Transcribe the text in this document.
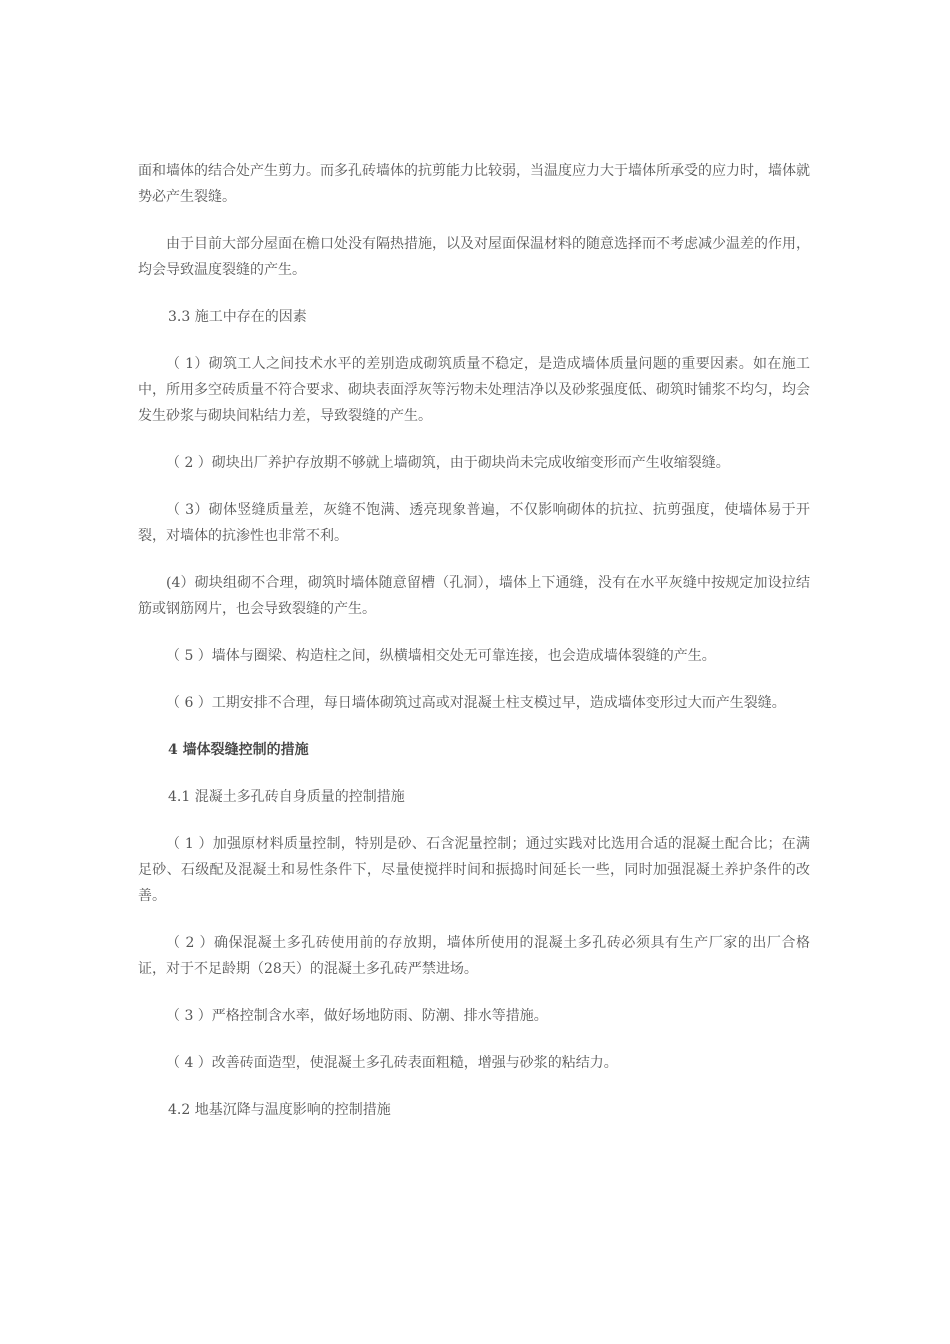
面和墙体的结合处产生剪力。而多孔砖墙体的抗剪能力比较弱，当温度应力大于墙体所承受的应力时，墙体就势必产生裂缝。

由于目前大部分屋面在檐口处没有隔热措施，以及对屋面保温材料的随意选择而不考虑减少温差的作用，均会导致温度裂缝的产生。

3.3 施工中存在的因素

（ 1）砌筑工人之间技术水平的差别造成砌筑质量不稳定，是造成墙体质量问题的重要因素。如在施工中，所用多空砖质量不符合要求、砌块表面浮灰等污物未处理洁净以及砂浆强度低、砌筑时铺浆不均匀，均会发生砂浆与砌块间粘结力差，导致裂缝的产生。

（ 2 ）砌块出厂养护存放期不够就上墙砌筑，由于砌块尚未完成收缩变形而产生收缩裂缝。

（ 3）砌体竖缝质量差，灰缝不饱满、透亮现象普遍，不仅影响砌体的抗拉、抗剪强度，使墙体易于开裂，对墙体的抗渗性也非常不利。

(4）砌块组砌不合理，砌筑时墙体随意留槽（孔洞），墙体上下通缝，没有在水平灰缝中按规定加设拉结筋或钢筋网片，也会导致裂缝的产生。

（ 5 ）墙体与圈梁、构造柱之间，纵横墙相交处无可靠连接，也会造成墙体裂缝的产生。

（ 6 ）工期安排不合理，每日墙体砌筑过高或对混凝土柱支模过早，造成墙体变形过大而产生裂缝。

4 墙体裂缝控制的措施

4.1 混凝土多孔砖自身质量的控制措施

（ 1 ）加强原材料质量控制，特别是砂、石含泥量控制；通过实践对比选用合适的混凝土配合比；在满足砂、石级配及混凝土和易性条件下，尽量使搅拌时间和振捣时间延长一些，同时加强混凝土养护条件的改善。

（ 2 ）确保混凝土多孔砖使用前的存放期，墙体所使用的混凝土多孔砖必须具有生产厂家的出厂合格证，对于不足龄期（28天）的混凝土多孔砖严禁进场。

（ 3 ）严格控制含水率，做好场地防雨、防潮、排水等措施。

（ 4 ）改善砖面造型，使混凝土多孔砖表面粗糙，增强与砂浆的粘结力。

4.2 地基沉降与温度影响的控制措施
